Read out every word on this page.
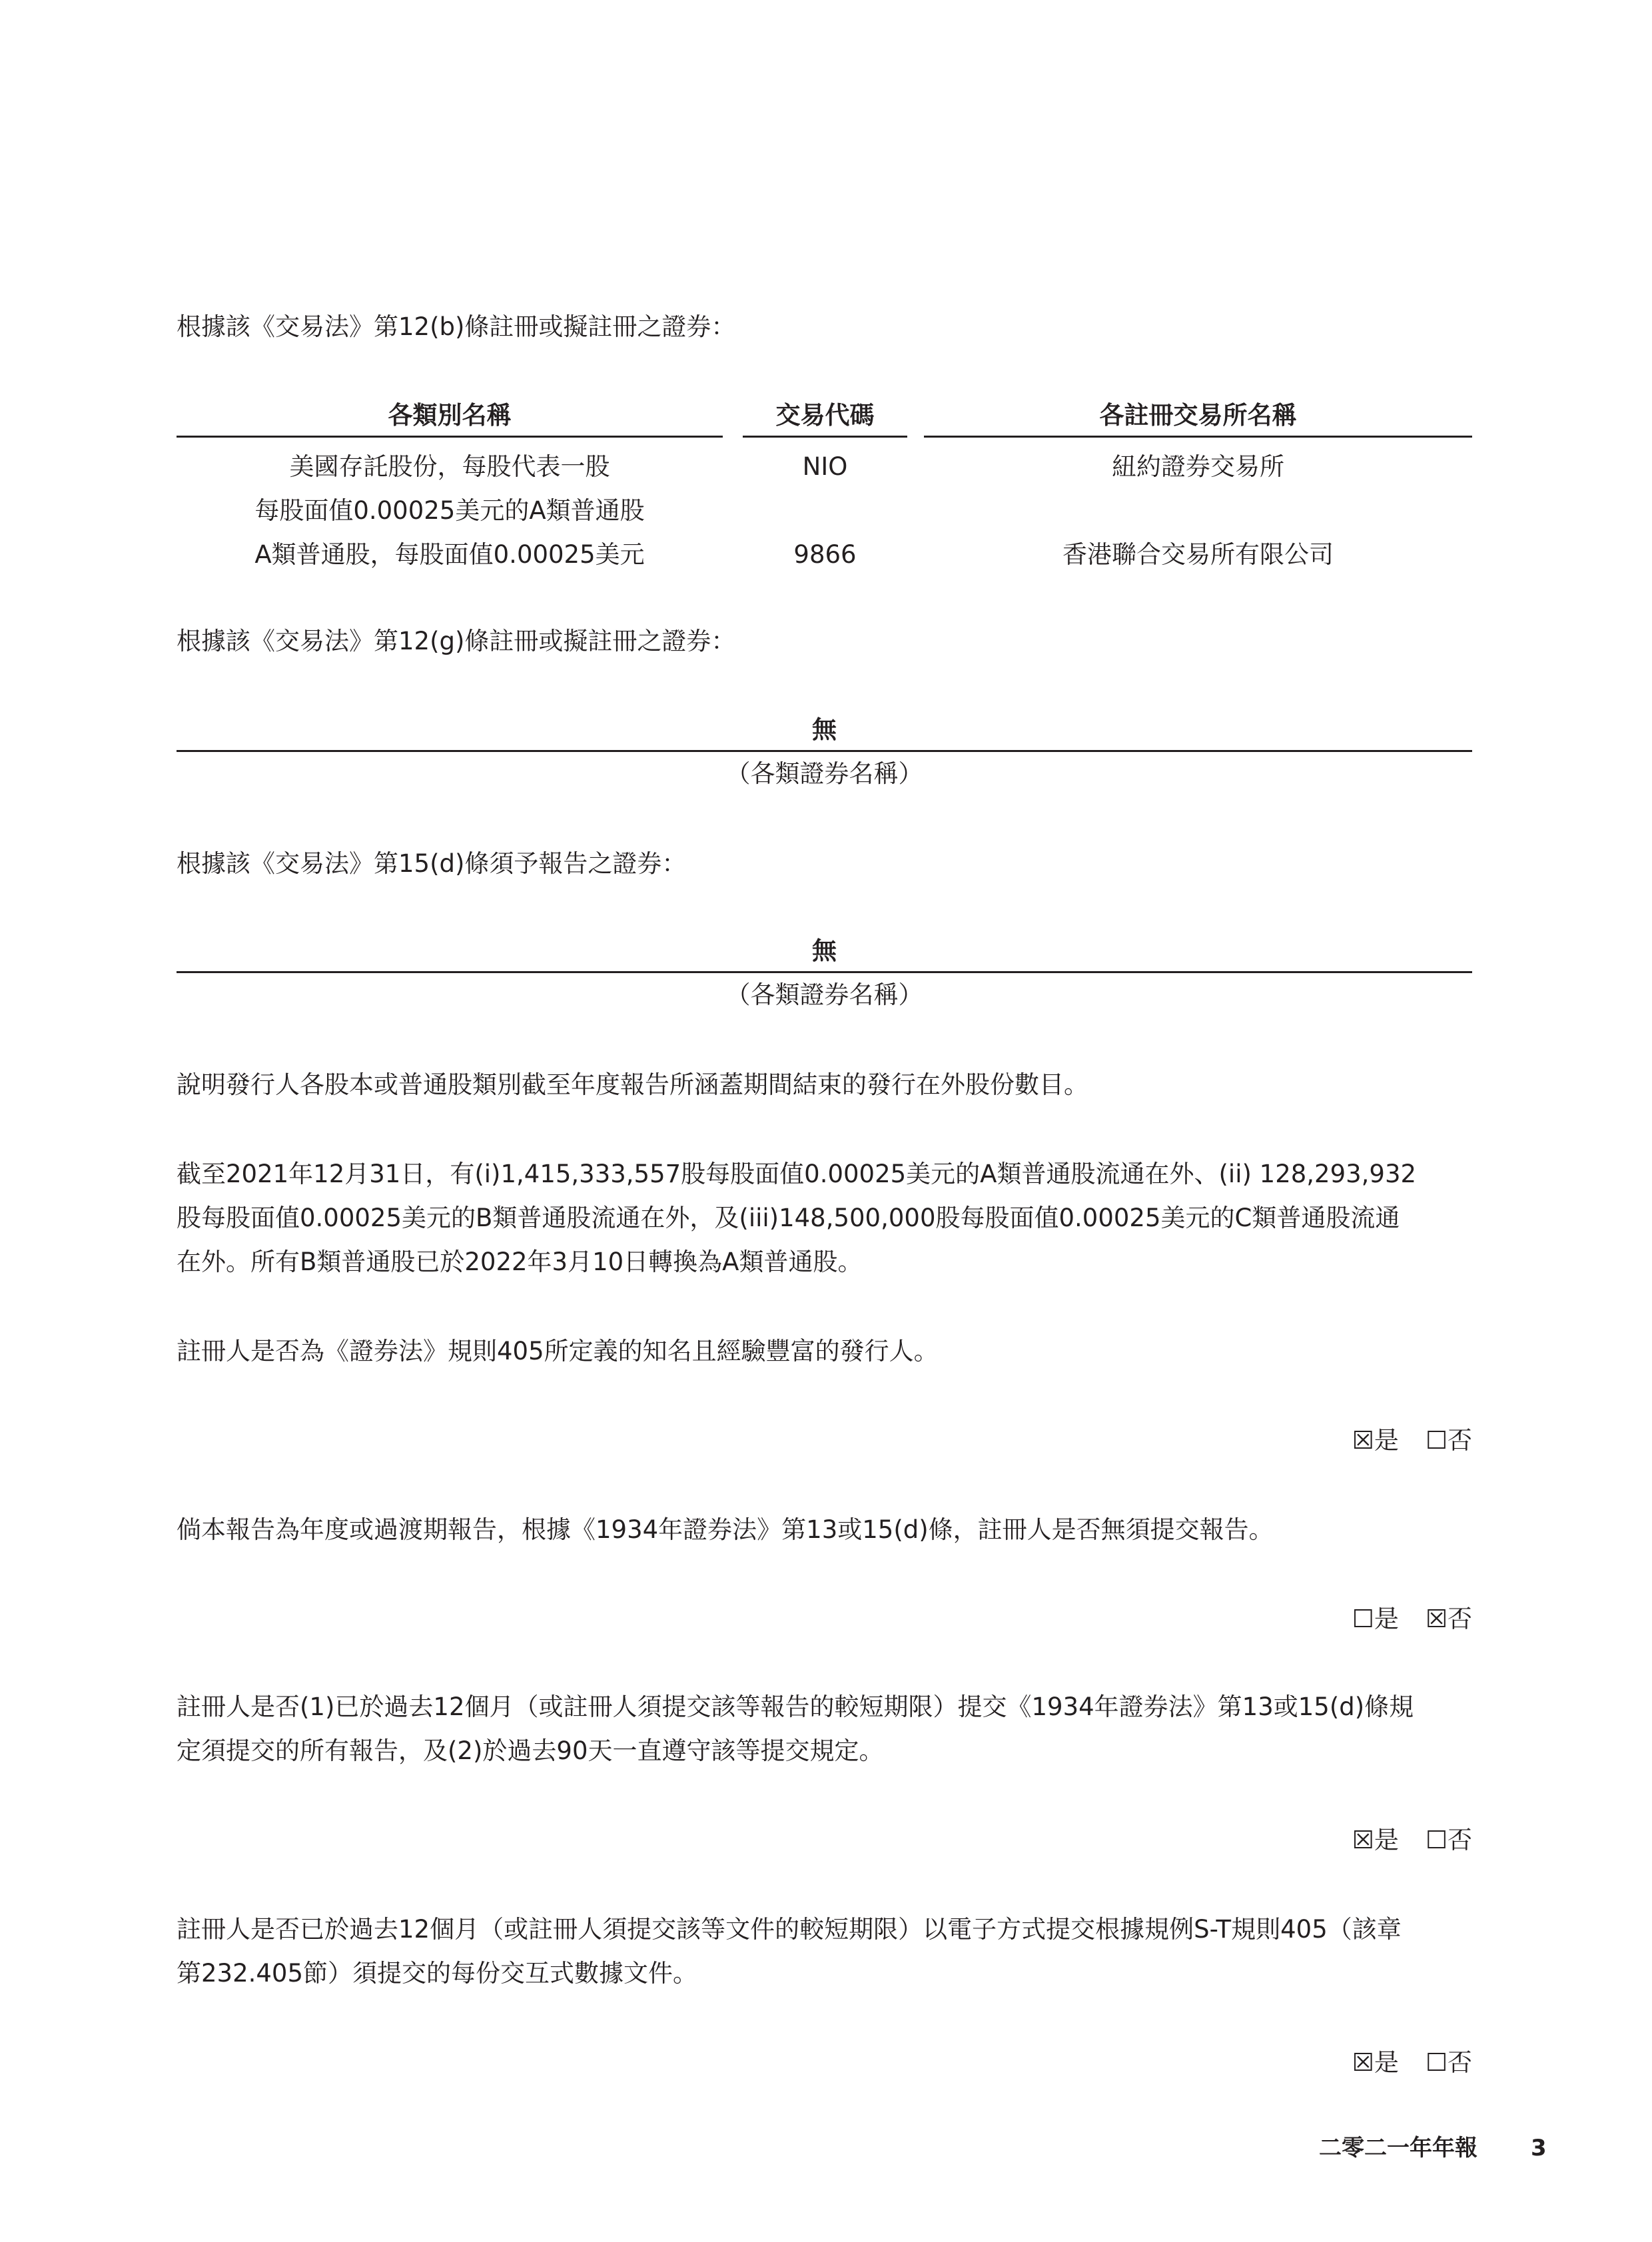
根據該《交易法》第12(b)條註冊或擬註冊之證券：

各類別名稱	交易代碼	各註冊交易所名稱
美國存託股份，每股代表一股
每股面值0.00025美元的A類普通股
NIO	紐約證券交易所
A類普通股，每股面值0.00025美元	9866	香港聯合交易所有限公司

根據該《交易法》第12(g)條註冊或擬註冊之證券：

無
（各類證券名稱）

根據該《交易法》第15(d)條須予報告之證券：

無
（各類證券名稱）

說明發行人各股本或普通股類別截至年度報告所涵蓋期間結束的發行在外股份數目。

截至2021年12月31日，有(i)1,415,333,557股每股面值0.00025美元的A類普通股流通在外、(ii) 128,293,932

股每股面值0.00025美元的B類普通股流通在外，及(iii)148,500,000股每股面值0.00025美元的C類普通股流通

在外。所有B類普通股已於2022年3月10日轉換為A類普通股。

註冊人是否為《證券法》規則405所定義的知名且經驗豐富的發行人。

☒是 ☐否

倘本報告為年度或過渡期報告，根據《1934年證券法》第13或15(d)條，註冊人是否無須提交報告。

☐是 ☒否

註冊人是否(1)已於過去12個月（或註冊人須提交該等報告的較短期限）提交《1934年證券法》第13或15(d)條規

定須提交的所有報告，及(2)於過去90天一直遵守該等提交規定。

☒是 ☐否

註冊人是否已於過去12個月（或註冊人須提交該等文件的較短期限）以電子方式提交根據規例S-T規則405（該章

第232.405節）須提交的每份交互式數據文件。

☒是 ☐否
二零二一年年報 3
